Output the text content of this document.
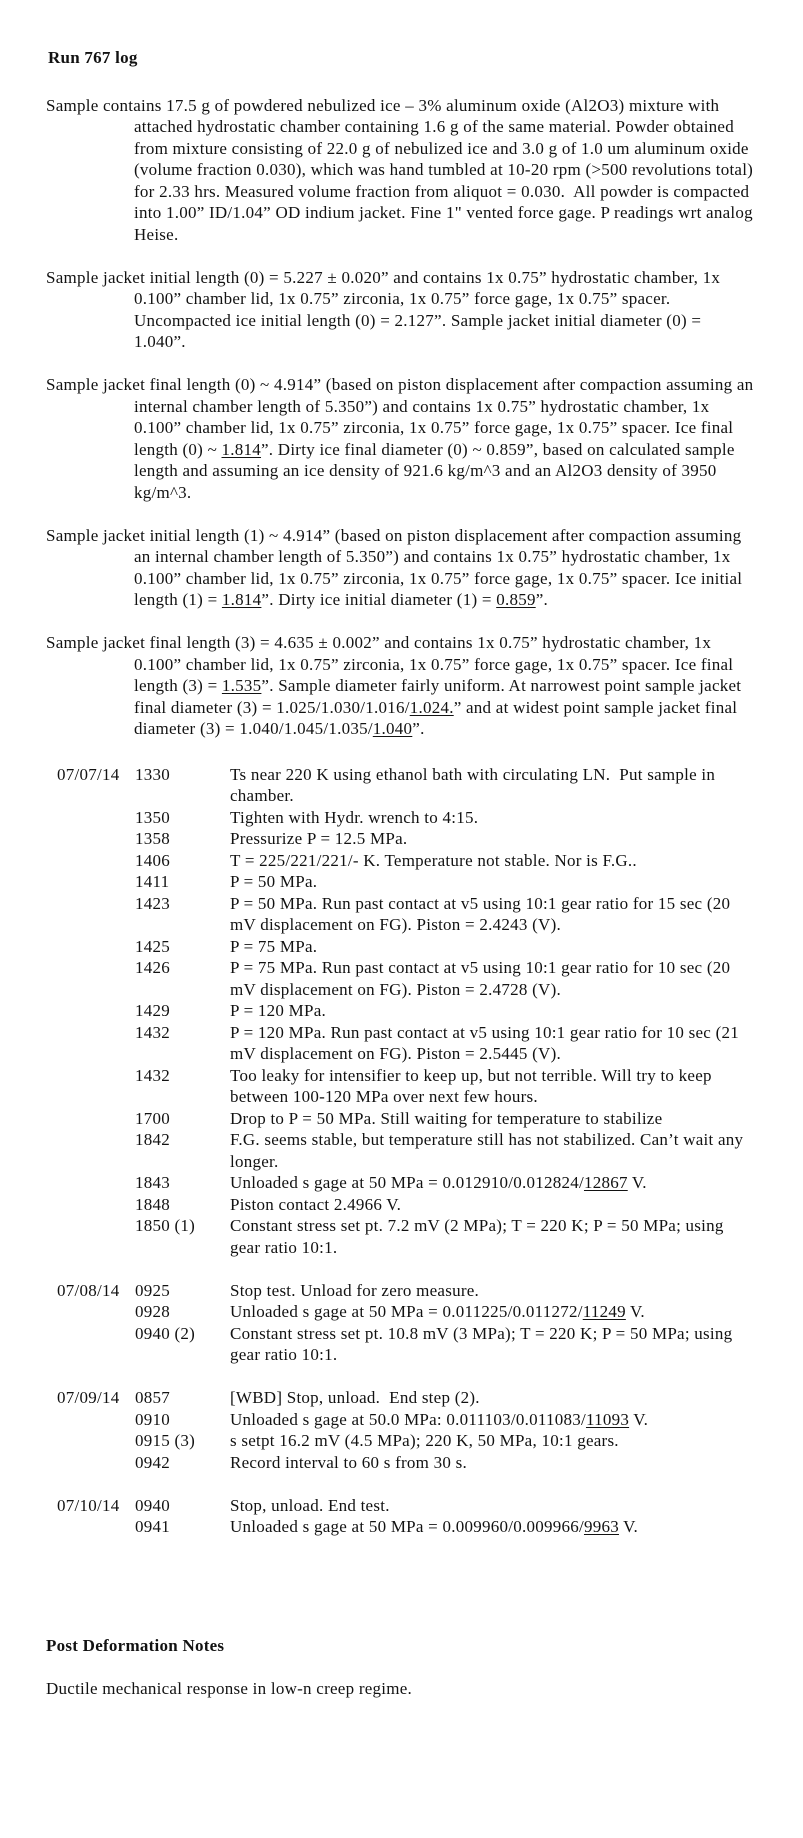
Run 767 log
Sample contains 17.5 g of powdered nebulized ice – 3% aluminum oxide (Al2O3) mixture with attached hydrostatic chamber containing 1.6 g of the same material. Powder obtained from mixture consisting of 22.0 g of nebulized ice and 3.0 g of 1.0 um aluminum oxide (volume fraction 0.030), which was hand tumbled at 10-20 rpm (>500 revolutions total) for 2.33 hrs. Measured volume fraction from aliquot = 0.030.  All powder is compacted into 1.00” ID/1.04” OD indium jacket. Fine 1" vented force gage. P readings wrt analog Heise.
Sample jacket initial length (0) = 5.227 ± 0.020” and contains 1x 0.75” hydrostatic chamber, 1x 0.100” chamber lid, 1x 0.75” zirconia, 1x 0.75” force gage, 1x 0.75” spacer. Uncompacted ice initial length (0) = 2.127”. Sample jacket initial diameter (0) = 1.040”.
Sample jacket final length (0) ~ 4.914” (based on piston displacement after compaction assuming an internal chamber length of 5.350”) and contains 1x 0.75” hydrostatic chamber, 1x 0.100” chamber lid, 1x 0.75” zirconia, 1x 0.75” force gage, 1x 0.75” spacer. Ice final length (0) ~ 1.814”. Dirty ice final diameter (0) ~ 0.859”, based on calculated sample length and assuming an ice density of 921.6 kg/m^3 and an Al2O3 density of 3950 kg/m^3.
Sample jacket initial length (1) ~ 4.914” (based on piston displacement after compaction assuming an internal chamber length of 5.350”) and contains 1x 0.75” hydrostatic chamber, 1x 0.100” chamber lid, 1x 0.75” zirconia, 1x 0.75” force gage, 1x 0.75” spacer. Ice initial length (1) = 1.814”. Dirty ice initial diameter (1) = 0.859”.
Sample jacket final length (3) = 4.635 ± 0.002” and contains 1x 0.75” hydrostatic chamber, 1x 0.100” chamber lid, 1x 0.75” zirconia, 1x 0.75” force gage, 1x 0.75” spacer. Ice final length (3) = 1.535”. Sample diameter fairly uniform. At narrowest point sample jacket final diameter (3) = 1.025/1.030/1.016/1.024.” and at widest point sample jacket final diameter (3) = 1.040/1.045/1.035/1.040”.
07/07/14 1330	Ts near 220 K using ethanol bath with circulating LN.  Put sample in chamber.
1350	Tighten with Hydr. wrench to 4:15.
1358	Pressurize P = 12.5 MPa.
1406	T = 225/221/221/- K. Temperature not stable. Nor is F.G..
1411	P = 50 MPa.
1423	P = 50 MPa. Run past contact at v5 using 10:1 gear ratio for 15 sec (20 mV displacement on FG). Piston = 2.4243 (V).
1425	P = 75 MPa.
1426	P = 75 MPa. Run past contact at v5 using 10:1 gear ratio for 10 sec (20 mV displacement on FG). Piston = 2.4728 (V).
1429	P = 120 MPa.
1432	P = 120 MPa. Run past contact at v5 using 10:1 gear ratio for 10 sec (21 mV displacement on FG). Piston = 2.5445 (V).
1432	Too leaky for intensifier to keep up, but not terrible. Will try to keep between 100-120 MPa over next few hours.
1700	Drop to P = 50 MPa. Still waiting for temperature to stabilize
1842	F.G. seems stable, but temperature still has not stabilized. Can’t wait any longer.
1843	Unloaded s gage at 50 MPa = 0.012910/0.012824/12867 V.
1848	Piston contact 2.4966 V.
1850 (1)	Constant stress set pt. 7.2 mV (2 MPa); T = 220 K; P = 50 MPa; using gear ratio 10:1.
07/08/14 0925	Stop test. Unload for zero measure.
0928	Unloaded s gage at 50 MPa = 0.011225/0.011272/11249 V.
0940 (2)	Constant stress set pt. 10.8 mV (3 MPa); T = 220 K; P = 50 MPa; using gear ratio 10:1.
07/09/14 0857	[WBD] Stop, unload.  End step (2).
0910	Unloaded s gage at 50.0 MPa: 0.011103/0.011083/11093 V.
0915 (3)	s setpt 16.2 mV (4.5 MPa); 220 K, 50 MPa, 10:1 gears.
0942	Record interval to 60 s from 30 s.
07/10/14 0940	Stop, unload. End test.
0941	Unloaded s gage at 50 MPa = 0.009960/0.009966/9963 V.
Post Deformation Notes

Ductile mechanical response in low-n creep regime.
